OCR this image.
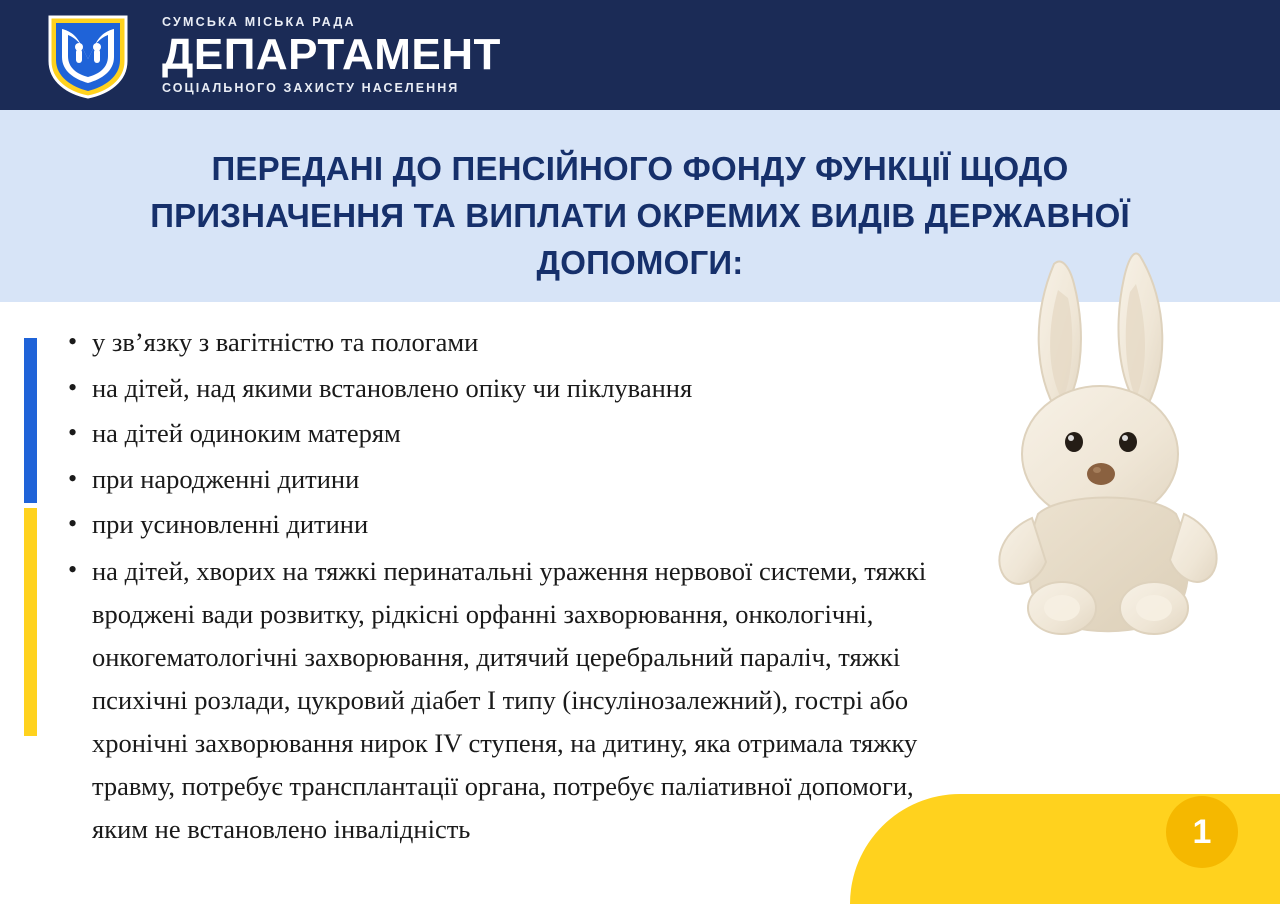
СУМСЬКА МІСЬКА РАДА
ДЕПАРТАМЕНТ
СОЦІАЛЬНОГО ЗАХИСТУ НАСЕЛЕННЯ
ПЕРЕДАНІ ДО ПЕНСІЙНОГО ФОНДУ ФУНКЦІЇ ЩОДО ПРИЗНАЧЕННЯ ТА ВИПЛАТИ ОКРЕМИХ ВИДІВ ДЕРЖАВНОЇ ДОПОМОГИ:
• у зв’язку з вагітністю та пологами
• на дітей, над якими встановлено опіку чи піклування
• на дітей одиноким матерям
• при народженні дитини
• при усиновленні дитини
• на дітей, хворих на тяжкі перинатальні ураження нервової системи, тяжкі вроджені вади розвитку, рідкісні орфанні захворювання, онкологічні, онкогематологічні захворювання, дитячий церебральний параліч, тяжкі психічні розлади, цукровий діабет І типу (інсулінозалежний), гострі або хронічні захворювання нирок IV ступеня, на дитину, яка отримала тяжку травму, потребує трансплантації органа, потребує паліативної допомоги, яким не встановлено інвалідність	1
